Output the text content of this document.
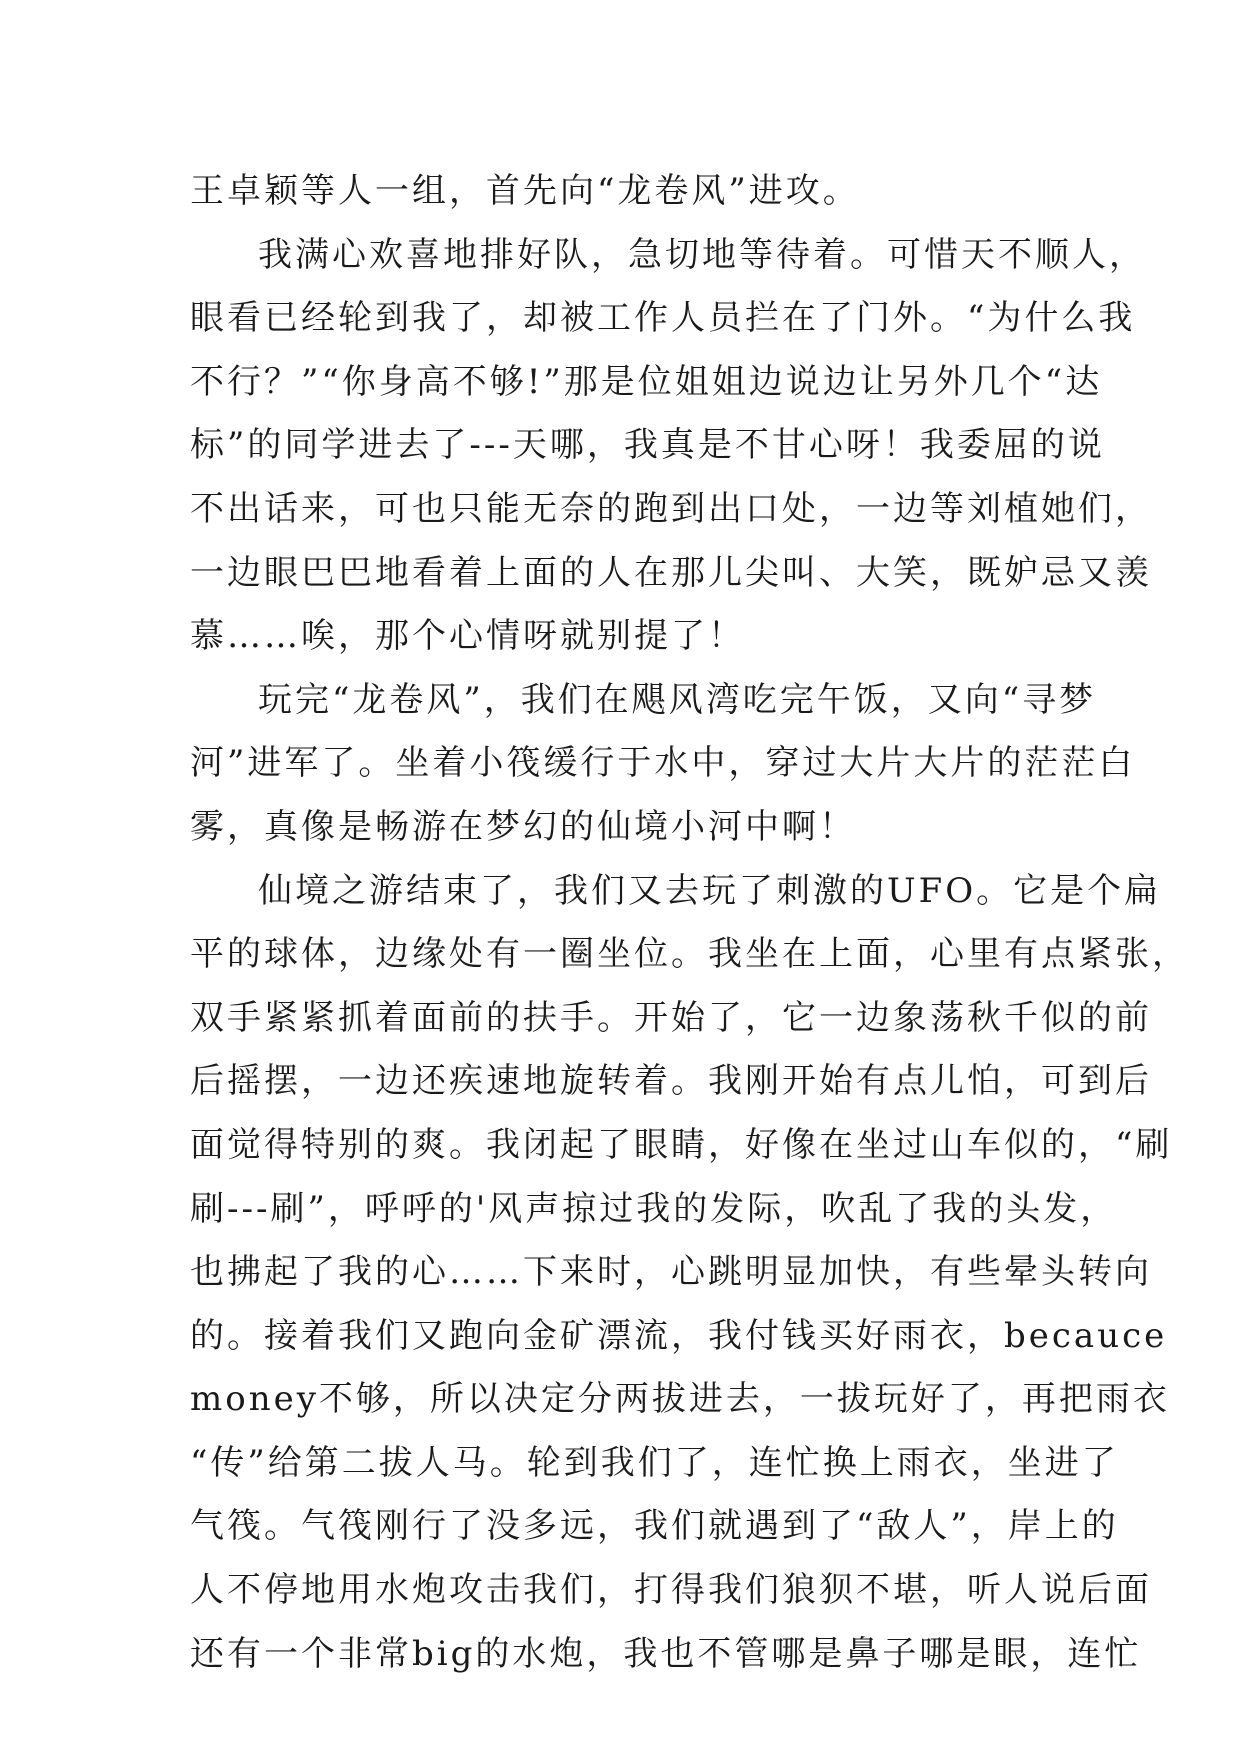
王卓颖等人一组，首先向“龙卷风”进攻。
我满心欢喜地排好队，急切地等待着。可惜天不顺人，
眼看已经轮到我了，却被工作人员拦在了门外。“为什么我
不行？”“你身高不够!”那是位姐姐边说边让另外几个“达
标”的同学进去了---天哪，我真是不甘心呀！我委屈的说
不出话来，可也只能无奈的跑到出口处，一边等刘植她们，
一边眼巴巴地看着上面的人在那儿尖叫、大笑，既妒忌又羡
慕……唉，那个心情呀就别提了！
玩完“龙卷风”，我们在飓风湾吃完午饭，又向“寻梦
河”进军了。坐着小筏缓行于水中，穿过大片大片的茫茫白
雾，真像是畅游在梦幻的仙境小河中啊！
仙境之游结束了，我们又去玩了刺激的UFO。它是个扁
平的球体，边缘处有一圈坐位。我坐在上面，心里有点紧张，
双手紧紧抓着面前的扶手。开始了，它一边象荡秋千似的前
后摇摆，一边还疾速地旋转着。我刚开始有点儿怕，可到后
面觉得特别的爽。我闭起了眼睛，好像在坐过山车似的，“刷
刷---刷”，呼呼的'风声掠过我的发际，吹乱了我的头发，
也拂起了我的心……下来时，心跳明显加快，有些晕头转向
的。接着我们又跑向金矿漂流，我付钱买好雨衣，becauce
money不够，所以决定分两拔进去，一拔玩好了，再把雨衣
“传”给第二拔人马。轮到我们了，连忙换上雨衣，坐进了
气筏。气筏刚行了没多远，我们就遇到了“敌人”，岸上的
人不停地用水炮攻击我们，打得我们狼狈不堪，听人说后面
还有一个非常big的水炮，我也不管哪是鼻子哪是眼，连忙
